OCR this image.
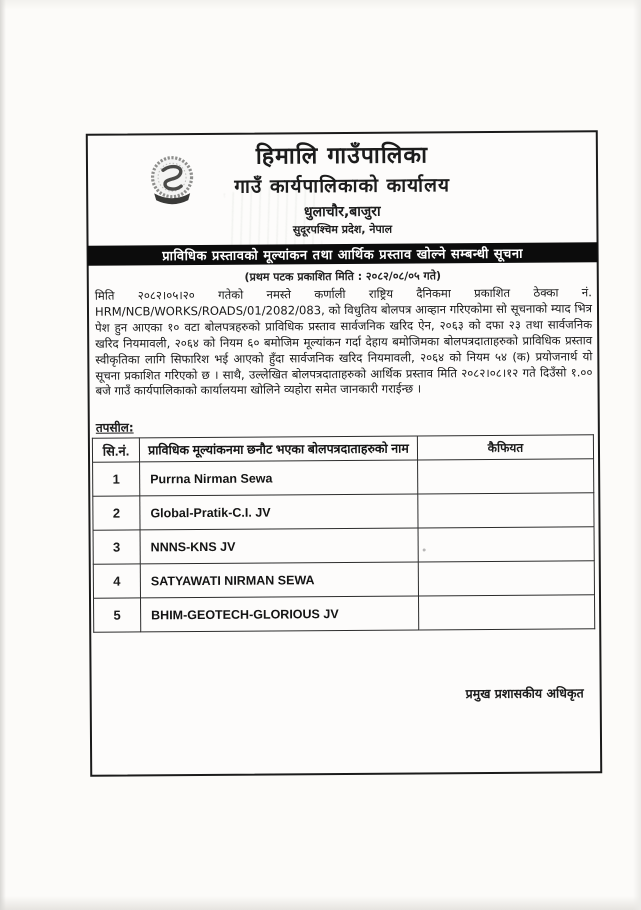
हिमालि गाउँपालिका
गाउँ कार्यपालिकाको कार्यालय
धुलाचौर,बाजुरा
सुदूरपश्चिम प्रदेश, नेपाल
प्राविधिक प्रस्तावको मूल्यांकन तथा आर्थिक प्रस्ताव खोल्ने सम्बन्धी सूचना
(प्रथम पटक प्रकाशित मिति : २०८२/०८/०५ गते)
मिति २०८२।०५।२० गतेको नमस्ते कर्णाली राष्ट्रिय दैनिकमा प्रकाशित ठेक्का नं. HRM/NCB/WORKS/ROADS/01/2082/083, को विधुतिय बोलपत्र आव्हान गरिएकोमा सो सूचनाको म्याद भित्र पेश हुन आएका १० वटा बोलपत्रहरुको प्राविधिक प्रस्ताव सार्वजनिक खरिद ऐन, २०६३ को दफा २३ तथा सार्वजनिक खरिद नियमावली, २०६४ को नियम ६० बमोजिम मूल्यांकन गर्दा देहाय बमोजिमका बोलपत्रदाताहरुको प्राविधिक प्रस्ताव स्वीकृतिका लागि सिफारिश भई आएको हुँदा सार्वजनिक खरिद नियमावली, २०६४ को नियम ५४ (क) प्रयोजनार्थ यो सूचना प्रकाशित गरिएको छ । साथै, उल्लेखित बोलपत्रदाताहरुको आर्थिक प्रस्ताव मिति २०८२।०८।१२ गते दिउँसो १.०० बजे गाउँ कार्यपालिकाको कार्यालयमा खोलिने व्यहोरा समेत जानकारी गराईन्छ ।
तपसील:
सि.नं.	प्राविधिक मूल्यांकनमा छनौट भएका बोलपत्रदाताहरुको नाम	कैफियत
1	Purrna Nirman Sewa	
2	Global-Pratik-C.I. JV	
3	NNNS-KNS JV	
4	SATYAWATI NIRMAN SEWA	
5	BHIM-GEOTECH-GLORIOUS JV	
प्रमुख प्रशासकीय अधिकृत
